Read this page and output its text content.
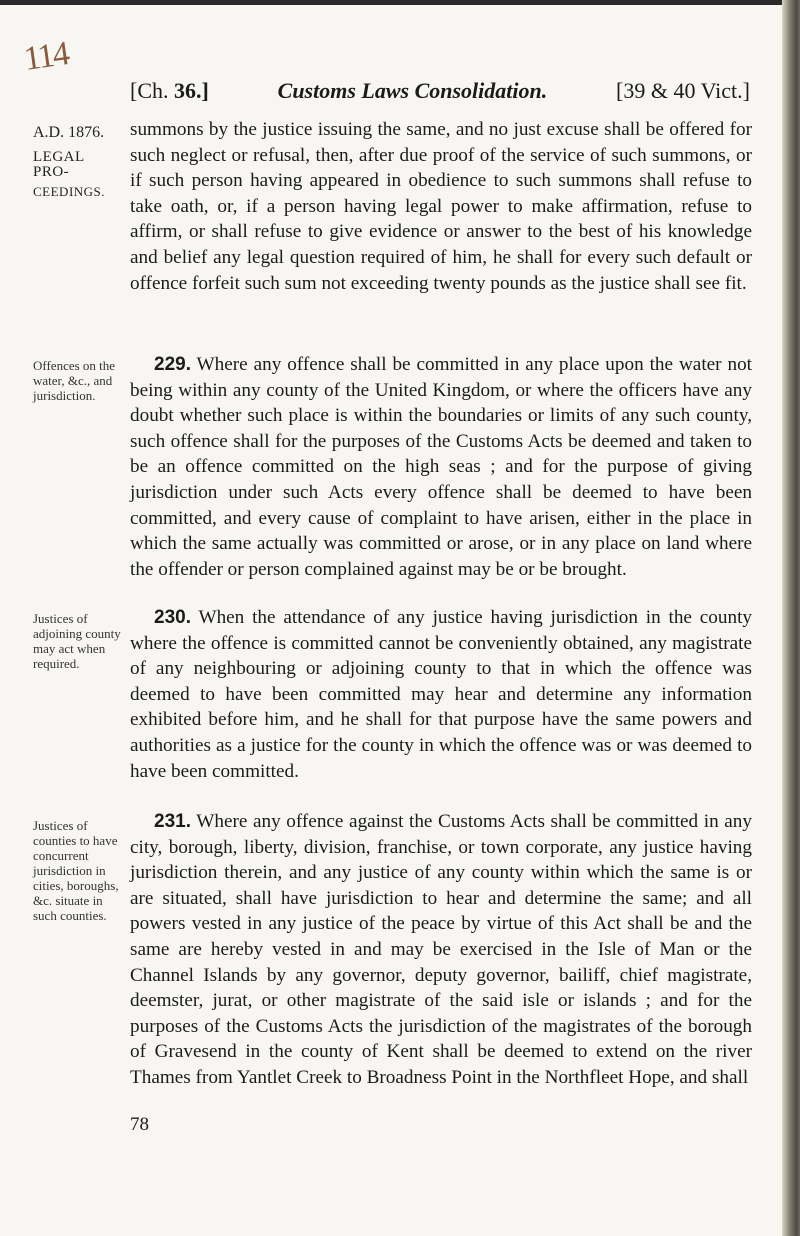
114
[Ch. 36.]	Customs Laws Consolidation.	[39 & 40 Vict.]
A.D. 1876.
LEGAL PRO-
CEEDINGS.
Offences on the water, &c., and jurisdiction.
Justices of adjoining county may act when required.
Justices of counties to have concurrent jurisdiction in cities, boroughs, &c. situate in such counties.
summons by the justice issuing the same, and no just excuse shall be offered for such neglect or refusal, then, after due proof of the service of such summons, or if such person having appeared in obedience to such summons shall refuse to take oath, or, if a person having legal power to make affirmation, refuse to affirm, or shall refuse to give evidence or answer to the best of his knowledge and belief any legal question required of him, he shall for every such default or offence forfeit such sum not exceeding twenty pounds as the justice shall see fit.
229. Where any offence shall be committed in any place upon the water not being within any county of the United Kingdom, or where the officers have any doubt whether such place is within the boundaries or limits of any such county, such offence shall for the purposes of the Customs Acts be deemed and taken to be an offence committed on the high seas ; and for the purpose of giving jurisdiction under such Acts every offence shall be deemed to have been committed, and every cause of complaint to have arisen, either in the place in which the same actually was committed or arose, or in any place on land where the offender or person complained against may be or be brought.
230. When the attendance of any justice having jurisdiction in the county where the offence is committed cannot be conveniently obtained, any magistrate of any neighbouring or adjoining county to that in which the offence was deemed to have been committed may hear and determine any information exhibited before him, and he shall for that purpose have the same powers and authorities as a justice for the county in which the offence was or was deemed to have been committed.
231. Where any offence against the Customs Acts shall be committed in any city, borough, liberty, division, franchise, or town corporate, any justice having jurisdiction therein, and any justice of any county within which the same is or are situated, shall have jurisdiction to hear and determine the same; and all powers vested in any justice of the peace by virtue of this Act shall be and the same are hereby vested in and may be exercised in the Isle of Man or the Channel Islands by any governor, deputy governor, bailiff, chief magistrate, deemster, jurat, or other magistrate of the said isle or islands ; and for the purposes of the Customs Acts the jurisdiction of the magistrates of the borough of Gravesend in the county of Kent shall be deemed to extend on the river Thames from Yantlet Creek to Broadness Point in the Northfleet Hope, and shall
78
